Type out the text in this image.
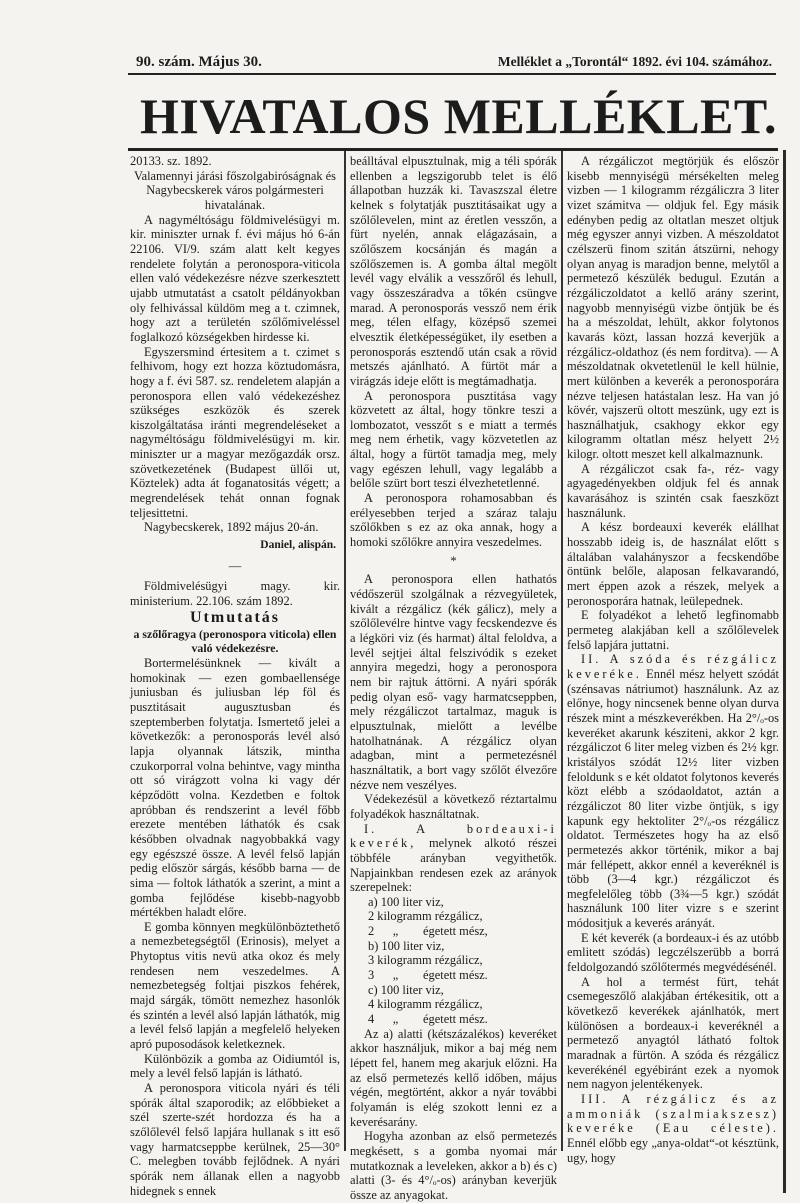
90. szám. Május 30.	Melléklet a „Torontál“ 1892. évi 104. számához.
HIVATALOS MELLÉKLET.

20133. sz. 1892.

Valamennyi járási főszolgabiróságnak és Nagybecskerek város polgármesteri hivatalának.

A nagyméltóságu földmivelésügyi m. kir. miniszter urnak f. évi május hó 6-án 22106. VI/9. szám alatt kelt kegyes rendelete folytán a peronospora-viticola ellen való védekezésre nézve szerkesztett ujabb utmutatást a csatolt példányokban oly felhivással küldöm meg a t. czimnek, hogy azt a területén szőlőmiveléssel foglalkozó községekben hirdesse ki.

Egyszersmind értesitem a t. czimet s felhivom, hogy ezt hozza köztudomásra, hogy a f. évi 587. sz. rendeletem alapján a peronospora ellen való védekezéshez szükséges eszközök és szerek kiszolgáltatása iránti megrendeléseket a nagyméltóságu földmivelésügyi m. kir. miniszter ur a magyar mezőgazdák orsz. szövetkezetének (Budapest üllői ut, Köztelek) adta át foganatositás végett; a megrendelések tehát onnan fognak teljesittetni.

Nagybecskerek, 1892 május 20-án.

Daniel, alispán.

—

Földmivelésügyi magy. kir. ministerium. 22.106. szám 1892.

Utmutatás

a szőlőragya (peronospora viticola) ellen való védekezésre.

Bortermelésünknek — kivált a homokinak — ezen gombaellensége juniusban és juliusban lép föl és pusztitásait augusztusban és szeptemberben folytatja. Ismertető jelei a következők: a peronosporás levél alsó lapja olyannak látszik, mintha czukorporral volna behintve, vagy mintha ott só virágzott volna ki vagy dér képződött volna. Kezdetben e foltok apróbban és rendszerint a levél főbb erezete mentében láthatók és csak későbben olvadnak nagyobbakká vagy egy egészszé össze. A levél felső lapján pedig először sárgás, később barna — de sima — foltok láthatók a szerint, a mint a gomba fejlődése kisebb-nagyobb mértékben haladt előre.

E gomba könnyen megkülönböztethető a nemezbetegségtől (Erinosis), melyet a Phytoptus vitis nevü atka okoz és mely rendesen nem veszedelmes. A nemezbetegség foltjai piszkos fehérek, majd sárgák, tömött nemezhez hasonlók és szintén a levél alsó lapján láthatók, mig a levél felső lapján a megfelelő helyeken apró puposodások keletkeznek.

Különbözik a gomba az Oidiumtól is, mely a levél felső lapján is látható.

A peronospora viticola nyári és téli spórák által szaporodik; az előbbieket a szél szerte-szét hordozza és ha a szőlőlevél felső lapjára hullanak s itt eső vagy harmatcseppbe kerülnek, 25—30° C. melegben tovább fejlődnek. A nyári spórák nem állanak ellen a nagyobb hidegnek s ennek

beálltával elpusztulnak, mig a téli spórák ellenben a legszigorubb telet is élő állapotban huzzák ki. Tavaszszal életre kelnek s folytatják pusztitásaikat ugy a szőlőlevelen, mint az éretlen vesszőn, a fürt nyelén, annak elágazásain, a szőlőszem kocsánján és magán a szőlőszemen is. A gomba által megölt levél vagy elválik a vesszőről és lehull, vagy összeszáradva a tőkén csüngve marad. A peronosporás vessző nem érik meg, télen elfagy, középső szemei elvesztik életképességüket, ily esetben a peronosporás esztendő után csak a rövid metszés ajánlható. A fürtöt már a virágzás ideje előtt is megtámadhatja.

A peronospora pusztitása vagy közvetett az által, hogy tönkre teszi a lombozatot, vesszőt s e miatt a termés meg nem érhetik, vagy közvetetlen az által, hogy a fürtöt tamadja meg, mely vagy egészen lehull, vagy legalább a belőle szürt bort teszi élvezhetetlenné.

A peronospora rohamosabban és erélyesebben terjed a száraz talaju szőlőkben s ez az oka annak, hogy a homoki szőlőkre annyira veszedelmes.

*

A peronospora ellen hathatós védőszerül szolgálnak a rézvegyületek, kivált a rézgálicz (kék gálicz), mely a szőlőlevélre hintve vagy fecskendezve és a légköri viz (és harmat) által feloldva, a levél sejtjei által felszivódik s ezeket annyira megedzi, hogy a peronospora nem bir rajtuk áttörni. A nyári spórák pedig olyan eső- vagy harmatcseppben, mely rézgáliczot tartalmaz, maguk is elpusztulnak, mielőtt a levélbe hatolhatnának. A rézgálicz olyan adagban, mint a permetezésnél használtatik, a bort vagy szőlőt élvezőre nézve nem veszélyes.

Védekezésül a következő réztartalmu folyadékok használtatnak.

I. A bordeauxi-i keverék, melynek alkotó részei többféle arányban vegyithetők. Napjainkban rendesen ezek az arányok szerepelnek:

a) 100 liter viz,

2 kilogramm rézgálicz,

2      „        égetett mész,

b) 100 liter viz,

3 kilogramm rézgálicz,

3      „        égetett mész.

c) 100 liter viz,

4 kilogramm rézgálicz,

4      „        égetett mész.

Az a) alatti (kétszázalékos) keveréket akkor használjuk, mikor a baj még nem lépett fel, hanem meg akarjuk előzni. Ha az első permetezés kellő időben, május végén, megtörtént, akkor a nyár további folyamán is elég szokott lenni ez a keverésarány.

Hogyha azonban az első permetezés megkésett, s a gomba nyomai már mutatkoznak a leveleken, akkor a b) és c) alatti (3- és 4°/ₒ-os) arányban keverjük össze az anyagokat.

A rézgáliczot megtörjük és először kisebb mennyiségü mérsékelten meleg vizben — 1 kilogramm rézgáliczra 3 liter vizet számitva — oldjuk fel. Egy másik edényben pedig az oltatlan meszet oltjuk még egyszer annyi vizben. A mészoldatot czélszerü finom szitán átszürni, nehogy olyan anyag is maradjon benne, melytől a permetező készülék bedugul. Ezután a rézgáliczoldatot a kellő arány szerint, nagyobb mennyiségü vizbe öntjük be és ha a mészoldat, lehült, akkor folytonos kavarás közt, lassan hozzá keverjük a rézgálicz-oldathoz (és nem forditva). — A mészoldatnak okvetetlenül le kell hülnie, mert különben a keverék a peronosporára nézve teljesen hatástalan lesz. Ha van jó kövér, vajszerü oltott meszünk, ugy ezt is használhatjuk, csakhogy ekkor egy kilogramm oltatlan mész helyett 2½ kilogr. oltott meszet kell alkalmaznunk.

A rézgáliczot csak fa-, réz- vagy agyagedényekben oldjuk fel és annak kavarásához is szintén csak faeszközt használunk.

A kész bordeauxi keverék elállhat hosszabb ideig is, de használat előtt s általában valahányszor a fecskendőbe öntünk belőle, alaposan felkavarandó, mert éppen azok a részek, melyek a peronosporára hatnak, leülepednek.

E folyadékot a lehető legfinomabb permeteg alakjában kell a szőlőlevelek felső lapjára juttatni.

II. A szóda és rézgálicz keveréke. Ennél mész helyett szódát (szénsavas nátriumot) használunk. Az az előnye, hogy nincsenek benne olyan durva részek mint a mészkeverékben. Ha 2°/ₒ-os keveréket akarunk késziteni, akkor 2 kgr. rézgáliczot 6 liter meleg vizben és 2½ kgr. kristályos szódát 12½ liter vizben feloldunk s e két oldatot folytonos keverés közt elébb a szódaoldatot, aztán a rézgáliczot 80 liter vizbe öntjük, s igy kapunk egy hektoliter 2°/ₒ-os rézgálicz oldatot. Természetes hogy ha az első permetezés akkor történik, mikor a baj már fellépett, akkor ennél a keveréknél is több (3—4 kgr.) rézgáliczot és megfelelőleg több (3¾—5 kgr.) szódát használunk 100 liter vizre s e szerint módositjuk a keverés arányát.

E két keverék (a bordeaux-i és az utóbb emlitett szódás) legczélszerübb a borrá feldolgozandó szőlőtermés megvédésénél.

A hol a termést fürt, tehát csemegeszőlő alakjában értékesitik, ott a következő keverékek ajánlhatók, mert különösen a bordeaux-i keveréknél a permetező anyagtól látható foltok maradnak a fürtön. A szóda és rézgálicz keverékénél egyébiránt ezek a nyomok nem nagyon jelentékenyek.

III. A rézgálicz és az ammoniák (szalmiakszesz) keveréke (Eau céleste). Ennél előbb egy „anya-oldat“-ot késztünk, ugy, hogy
